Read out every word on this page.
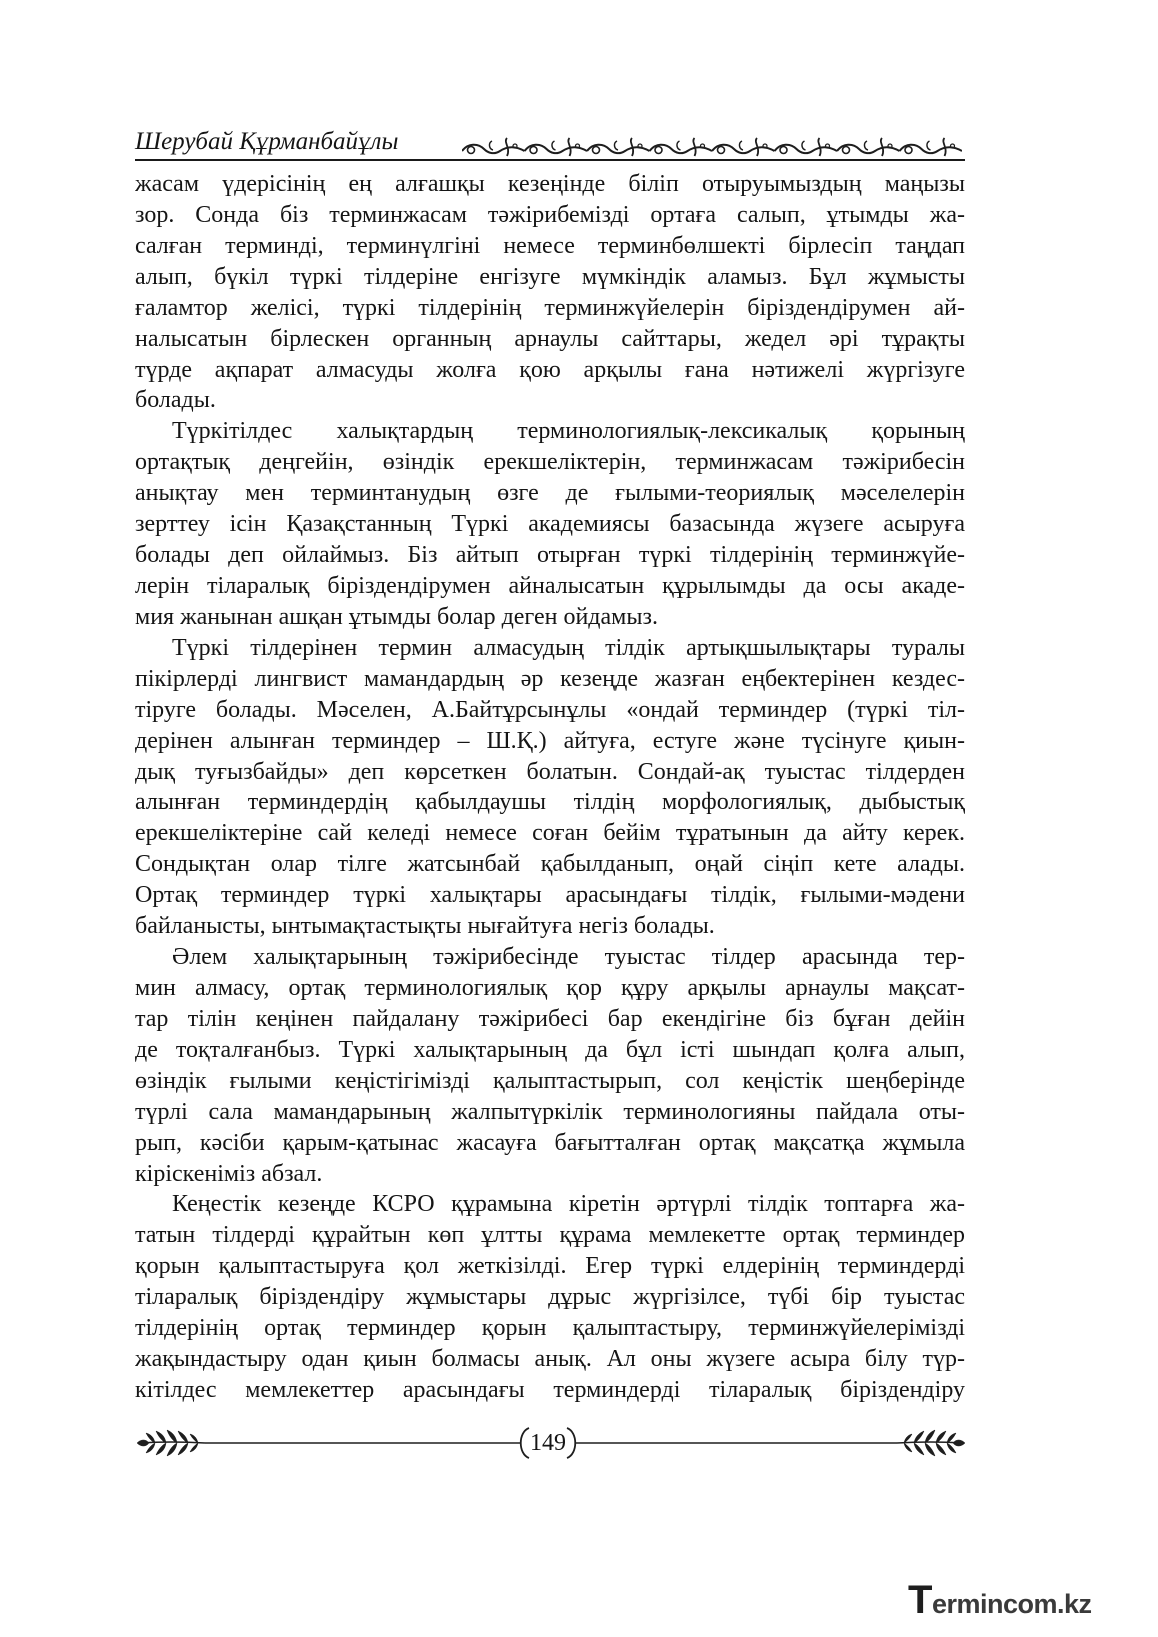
Шерубай Құрманбайұлы
жасам үдерісінің ең алғашқы кезеңінде біліп отыруымыздың маңызы
зор. Сонда біз терминжасам тәжірибемізді ортаға салып, ұтымды жа-
салған терминді, терминүлгіні немесе терминбөлшекті бірлесіп таңдап
алып, бүкіл түркі тілдеріне енгізуге мүмкіндік аламыз. Бұл жұмысты
ғаламтор желісі, түркі тілдерінің терминжүйелерін біріздендірумен ай-
налысатын бірлескен органның арнаулы сайттары, жедел әрі тұрақты
түрде ақпарат алмасуды жолға қою арқылы ғана нәтижелі жүргізуге
болады.
Түркітілдес халықтардың терминологиялық-лексикалық қорының
ортақтық деңгейін, өзіндік ерекшеліктерін, терминжасам тәжірибесін
анықтау мен терминтанудың өзге де ғылыми-теориялық мәселелерін
зерттеу ісін Қазақстанның Түркі академиясы базасында жүзеге асыруға
болады деп ойлаймыз. Біз айтып отырған түркі тілдерінің терминжүйе-
лерін тіларалық біріздендірумен айналысатын құрылымды да осы акаде-
мия жанынан ашқан ұтымды болар деген ойдамыз.
Түркі тілдерінен термин алмасудың тілдік артықшылықтары туралы
пікірлерді лингвист мамандардың әр кезеңде жазған еңбектерінен кездес-
тіруге болады. Мәселен, А.Байтұрсынұлы «ондай терминдер (түркі тіл-
дерінен алынған терминдер – Ш.Қ.) айтуға, естуге және түсінуге қиын-
дық туғызбайды» деп көрсеткен болатын. Сондай-ақ туыстас тілдерден
алынған терминдердің қабылдаушы тілдің морфологиялық, дыбыстық
ерекшеліктеріне сай келеді немесе соған бейім тұратынын да айту керек.
Сондықтан олар тілге жатсынбай қабылданып, оңай сіңіп кете алады.
Ортақ терминдер түркі халықтары арасындағы тілдік, ғылыми-мәдени
байланысты, ынтымақтастықты нығайтуға негіз болады.
Әлем халықтарының тәжірибесінде туыстас тілдер арасында тер-
мин алмасу, ортақ терминологиялық қор құру арқылы арнаулы мақсат-
тар тілін кеңінен пайдалану тәжірибесі бар екендігіне біз бұған дейін
де тоқталғанбыз. Түркі халықтарының да бұл істі шындап қолға алып,
өзіндік ғылыми кеңістігімізді қалыптастырып, сол кеңістік шеңберінде
түрлі сала мамандарының жалпытүркілік терминологияны пайдала оты-
рып, кәсіби қарым-қатынас жасауға бағытталған ортақ мақсатқа жұмыла
кіріскеніміз абзал.
Кеңестік кезеңде КСРО құрамына кіретін әртүрлі тілдік топтарға жа-
татын тілдерді құрайтын көп ұлтты құрама мемлекетте ортақ терминдер
қорын қалыптастыруға қол жеткізілді. Егер түркі елдерінің терминдерді
тіларалық біріздендіру жұмыстары дұрыс жүргізілсе, түбі бір туыстас
тілдерінің ортақ терминдер қорын қалыптастыру, терминжүйелерімізді
жақындастыру одан қиын болмасы анық. Ал оны жүзеге асыра білу түр-
кітілдес мемлекеттер арасындағы терминдерді тіларалық біріздендіру
149
Termincom.kz
